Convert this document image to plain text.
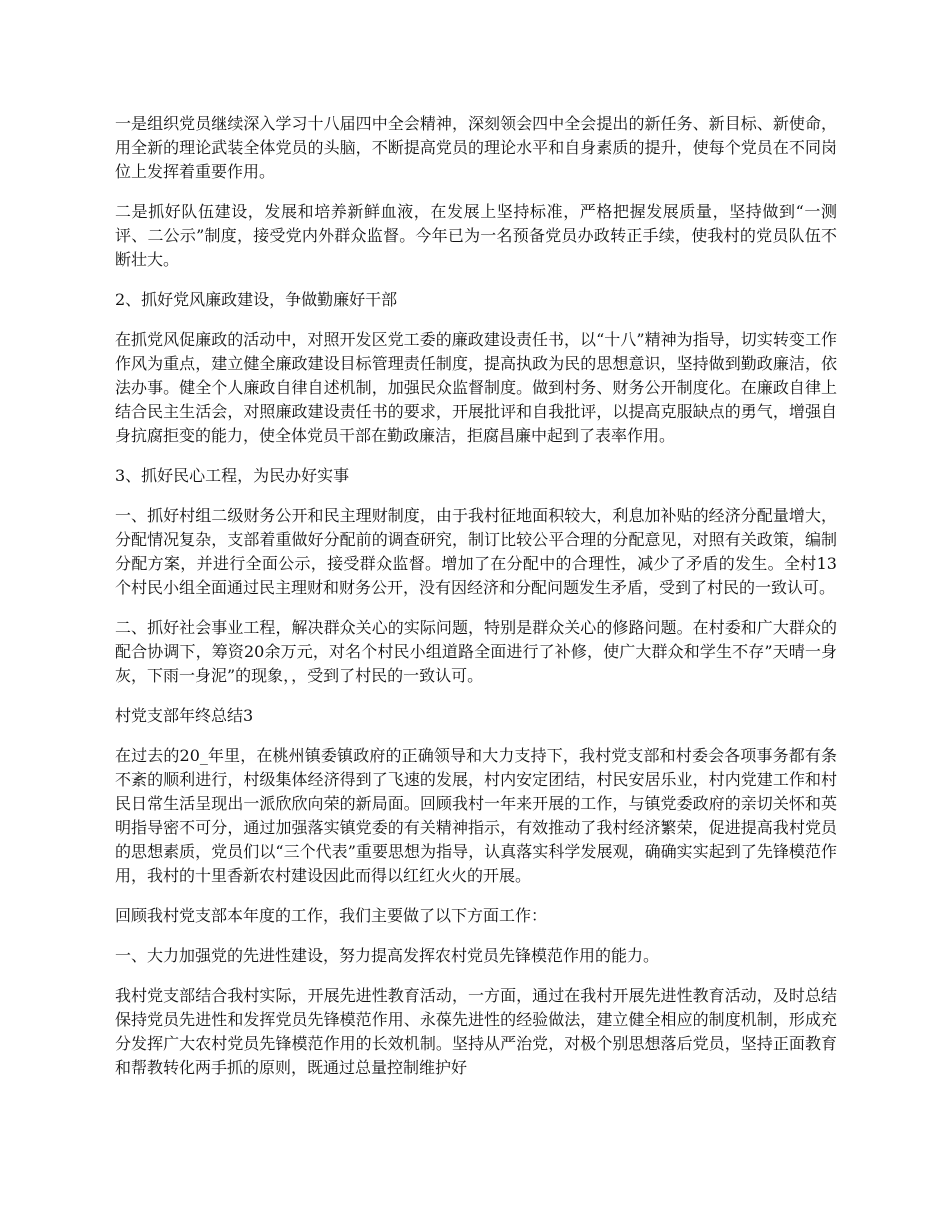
一是组织党员继续深入学习十八届四中全会精神，深刻领会四中全会提出的新任务、新目标、新使命，用全新的理论武装全体党员的头脑，不断提高党员的理论水平和自身素质的提升，使每个党员在不同岗位上发挥着重要作用。

二是抓好队伍建设，发展和培养新鲜血液，在发展上坚持标准，严格把握发展质量，坚持做到“一测评、二公示”制度，接受党内外群众监督。今年已为一名预备党员办政转正手续，使我村的党员队伍不断壮大。

2、抓好党风廉政建设，争做勤廉好干部

在抓党风促廉政的活动中，对照开发区党工委的廉政建设责任书，以“十八”精神为指导，切实转变工作作风为重点，建立健全廉政建设目标管理责任制度，提高执政为民的思想意识，坚持做到勤政廉洁，依法办事。健全个人廉政自律自述机制，加强民众监督制度。做到村务、财务公开制度化。在廉政自律上结合民主生活会，对照廉政建设责任书的要求，开展批评和自我批评，以提高克服缺点的勇气，增强自身抗腐拒变的能力，使全体党员干部在勤政廉洁，拒腐昌廉中起到了表率作用。

3、抓好民心工程，为民办好实事

一、抓好村组二级财务公开和民主理财制度，由于我村征地面积较大，利息加补贴的经济分配量增大，分配情况复杂，支部着重做好分配前的调查研究，制订比较公平合理的分配意见，对照有关政策，编制分配方案，并进行全面公示，接受群众监督。增加了在分配中的合理性，减少了矛盾的发生。全村13个村民小组全面通过民主理财和财务公开，没有因经济和分配问题发生矛盾，受到了村民的一致认可。

二、抓好社会事业工程，解决群众关心的实际问题，特别是群众关心的修路问题。在村委和广大群众的配合协调下，筹资20余万元，对名个村民小组道路全面进行了补修，使广大群众和学生不存”天晴一身灰，下雨一身泥”的现象，，受到了村民的一致认可。

村党支部年终总结3

在过去的20_年里，在桃州镇委镇政府的正确领导和大力支持下，我村党支部和村委会各项事务都有条不紊的顺利进行，村级集体经济得到了飞速的发展，村内安定团结，村民安居乐业，村内党建工作和村民日常生活呈现出一派欣欣向荣的新局面。回顾我村一年来开展的工作，与镇党委政府的亲切关怀和英明指导密不可分，通过加强落实镇党委的有关精神指示，有效推动了我村经济繁荣，促进提高我村党员的思想素质，党员们以“三个代表”重要思想为指导，认真落实科学发展观，确确实实起到了先锋模范作用，我村的十里香新农村建设因此而得以红红火火的开展。

回顾我村党支部本年度的工作，我们主要做了以下方面工作：

一、大力加强党的先进性建设，努力提高发挥农村党员先锋模范作用的能力。

我村党支部结合我村实际，开展先进性教育活动，一方面，通过在我村开展先进性教育活动，及时总结保持党员先进性和发挥党员先锋模范作用、永葆先进性的经验做法，建立健全相应的制度机制，形成充分发挥广大农村党员先锋模范作用的长效机制。坚持从严治党，对极个别思想落后党员，坚持正面教育和帮教转化两手抓的原则，既通过总量控制维护好
